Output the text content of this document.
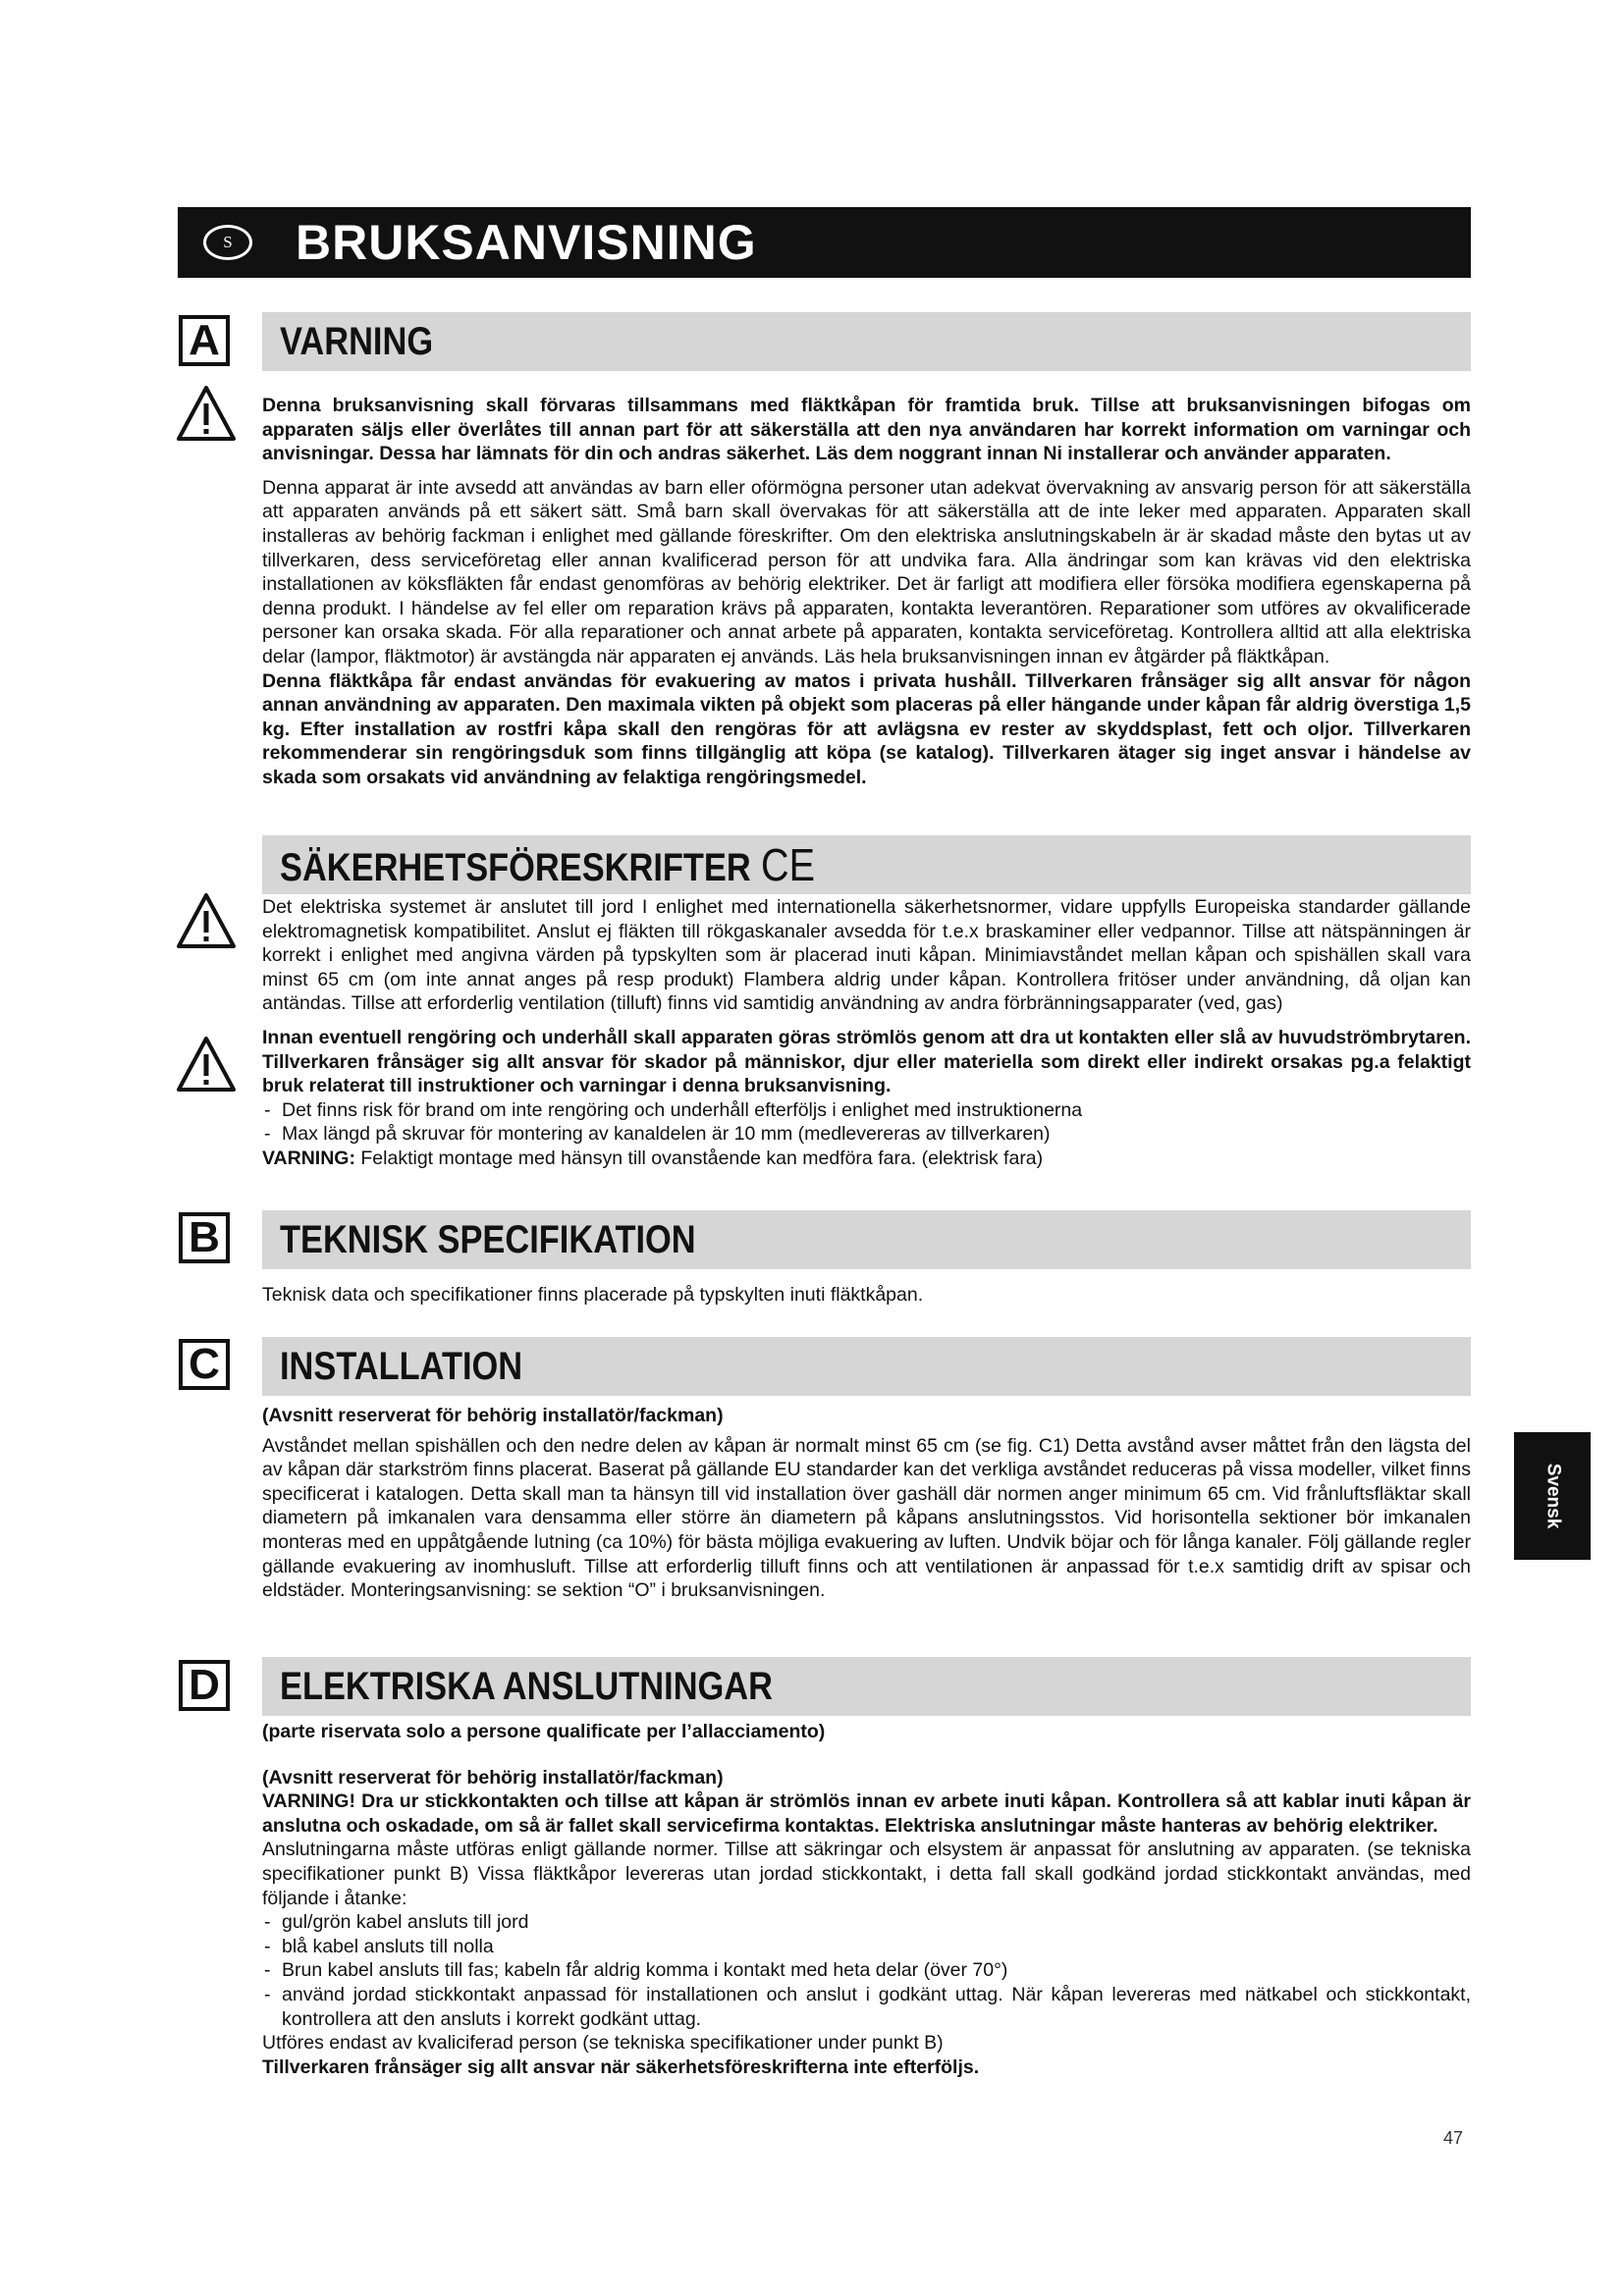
S	BRUKSANVISNING
A VARNING

Denna bruksanvisning skall förvaras tillsammans med fläktkåpan för framtida bruk. Tillse att bruksanvisningen bifogas om apparaten säljs eller överlåtes till annan part för att säkerställa att den nya användaren har korrekt information om varningar och anvisningar. Dessa har lämnats för din och andras säkerhet. Läs dem noggrant innan Ni installerar och använder apparaten.

Denna apparat är inte avsedd att användas av barn eller oförmögna personer utan adekvat övervakning av ansvarig person för att säkerställa att apparaten används på ett säkert sätt. Små barn skall övervakas för att säkerställa att de inte leker med apparaten. Apparaten skall installeras av behörig fackman i enlighet med gällande föreskrifter. Om den elektriska anslutningskabeln är är skadad måste den bytas ut av tillverkaren, dess serviceföretag eller annan kvalificerad person för att undvika fara. Alla ändringar som kan krävas vid den elektriska installationen av köksfläkten får endast genomföras av behörig elektriker. Det är farligt att modifiera eller försöka modifiera egenskaperna på denna produkt. I händelse av fel eller om reparation krävs på apparaten, kontakta leverantören. Reparationer som utföres av okvalificerade personer kan orsaka skada. För alla reparationer och annat arbete på apparaten, kontakta serviceföretag. Kontrollera alltid att alla elektriska delar (lampor, fläktmotor) är avstängda när apparaten ej används. Läs hela bruksanvisningen innan ev åtgärder på fläktkåpan.

Denna fläktkåpa får endast användas för evakuering av matos i privata hushåll. Tillverkaren frånsäger sig allt ansvar för någon annan användning av apparaten. Den maximala vikten på objekt som placeras på eller hängande under kåpan får aldrig överstiga 1,5 kg. Efter installation av rostfri kåpa skall den rengöras för att avlägsna ev rester av skyddsplast, fett och oljor. Tillverkaren rekommenderar sin rengöringsduk som finns tillgänglig att köpa (se katalog). Tillverkaren ätager sig inget ansvar i händelse av skada som orsakats vid användning av felaktiga rengöringsmedel.

SÄKERHETSFÖRESKRIFTER CE

Det elektriska systemet är anslutet till jord I enlighet med internationella säkerhetsnormer, vidare uppfylls Europeiska standarder gällande elektromagnetisk kompatibilitet. Anslut ej fläkten till rökgaskanaler avsedda för t.e.x braskaminer eller vedpannor. Tillse att nätspänningen är korrekt i enlighet med angivna värden på typskylten som är placerad inuti kåpan. Minimiavståndet mellan kåpan och spishällen skall vara minst 65 cm (om inte annat anges på resp produkt) Flambera aldrig under kåpan. Kontrollera fritöser under användning, då oljan kan antändas. Tillse att erforderlig ventilation (tilluft) finns vid samtidig användning av andra förbränningsapparater (ved, gas)

Innan eventuell rengöring och underhåll skall apparaten göras strömlös genom att dra ut kontakten eller slå av huvudströmbrytaren. Tillverkaren frånsäger sig allt ansvar för skador på människor, djur eller materiella som direkt eller indirekt orsakas pg.a felaktigt bruk relaterat till instruktioner och varningar i denna bruksanvisning.

- Det finns risk för brand om inte rengöring och underhåll efterföljs i enlighet med instruktionerna
- Max längd på skruvar för montering av kanaldelen är 10 mm (medlevereras av tillverkaren)

VARNING: Felaktigt montage med hänsyn till ovanstående kan medföra fara. (elektrisk fara)

B TEKNISK SPECIFIKATION

Teknisk data och specifikationer finns placerade på typskylten inuti fläktkåpan.

C INSTALLATION

(Avsnitt reserverat för behörig installatör/fackman)

Avståndet mellan spishällen och den nedre delen av kåpan är normalt minst 65 cm (se fig. C1) Detta avstånd avser måttet från den lägsta del av kåpan där starkström finns placerat. Baserat på gällande EU standarder kan det verkliga avståndet reduceras på vissa modeller, vilket finns specificerat i katalogen. Detta skall man ta hänsyn till vid installation över gashäll där normen anger minimum 65 cm. Vid frånluftsfläktar skall diametern på imkanalen vara densamma eller större än diametern på kåpans anslutningsstos. Vid horisontella sektioner bör imkanalen monteras med en uppåtgående lutning (ca 10%) för bästa möjliga evakuering av luften. Undvik böjar och för långa kanaler. Följ gällande regler gällande evakuering av inomhusluft. Tillse att erforderlig tilluft finns och att ventilationen är anpassad för t.e.x samtidig drift av spisar och eldstäder. Monteringsanvisning: se sektion “O” i bruksanvisningen.

D ELEKTRISKA ANSLUTNINGAR

(parte riservata solo a persone qualificate per l’allacciamento)

(Avsnitt reserverat för behörig installatör/fackman)

VARNING! Dra ur stickkontakten och tillse att kåpan är strömlös innan ev arbete inuti kåpan. Kontrollera så att kablar inuti kåpan är anslutna och oskadade, om så är fallet skall servicefirma kontaktas. Elektriska anslutningar måste hanteras av behörig elektriker.

Anslutningarna måste utföras enligt gällande normer. Tillse att säkringar och elsystem är anpassat för anslutning av apparaten. (se tekniska specifikationer punkt B) Vissa fläktkåpor levereras utan jordad stickkontakt, i detta fall skall godkänd jordad stickkontakt användas, med följande i åtanke:

- gul/grön kabel ansluts till jord
- blå kabel ansluts till nolla
- Brun kabel ansluts till fas; kabeln får aldrig komma i kontakt med heta delar (över 70°)
- använd jordad stickkontakt anpassad för installationen och anslut i godkänt uttag. När kåpan levereras med nätkabel och stickkontakt, kontrollera att den ansluts i korrekt godkänt uttag.

Utföres endast av kvaliciferad person (se tekniska specifikationer under punkt B)

Tillverkaren frånsäger sig allt ansvar när säkerhetsföreskrifterna inte efterföljs.

Svensk
47
